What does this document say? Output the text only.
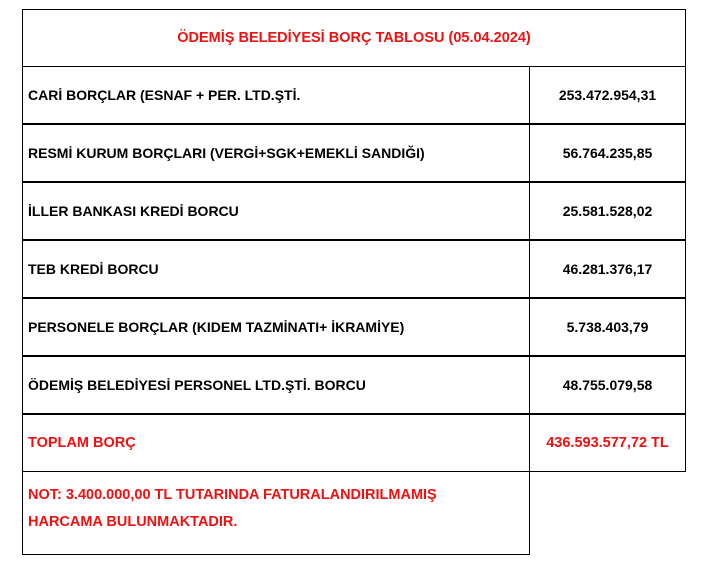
ÖDEMİŞ BELEDİYESİ BORÇ TABLOSU (05.04.2024)
CARİ BORÇLAR (ESNAF + PER. LTD.ŞTİ.	253.472.954,31
RESMİ KURUM BORÇLARI (VERGİ+SGK+EMEKLİ SANDIĞI)	56.764.235,85
İLLER BANKASI KREDİ BORCU	25.581.528,02
TEB KREDİ BORCU	46.281.376,17
PERSONELE BORÇLAR (KIDEM TAZMİNATI+ İKRAMİYE)	5.738.403,79
ÖDEMİŞ BELEDİYESİ PERSONEL LTD.ŞTİ. BORCU	48.755.079,58
TOPLAM BORÇ	436.593.577,72 TL
NOT: 3.400.000,00 TL TUTARINDA FATURALANDIRILMAMIŞ
HARCAMA BULUNMAKTADIR.
